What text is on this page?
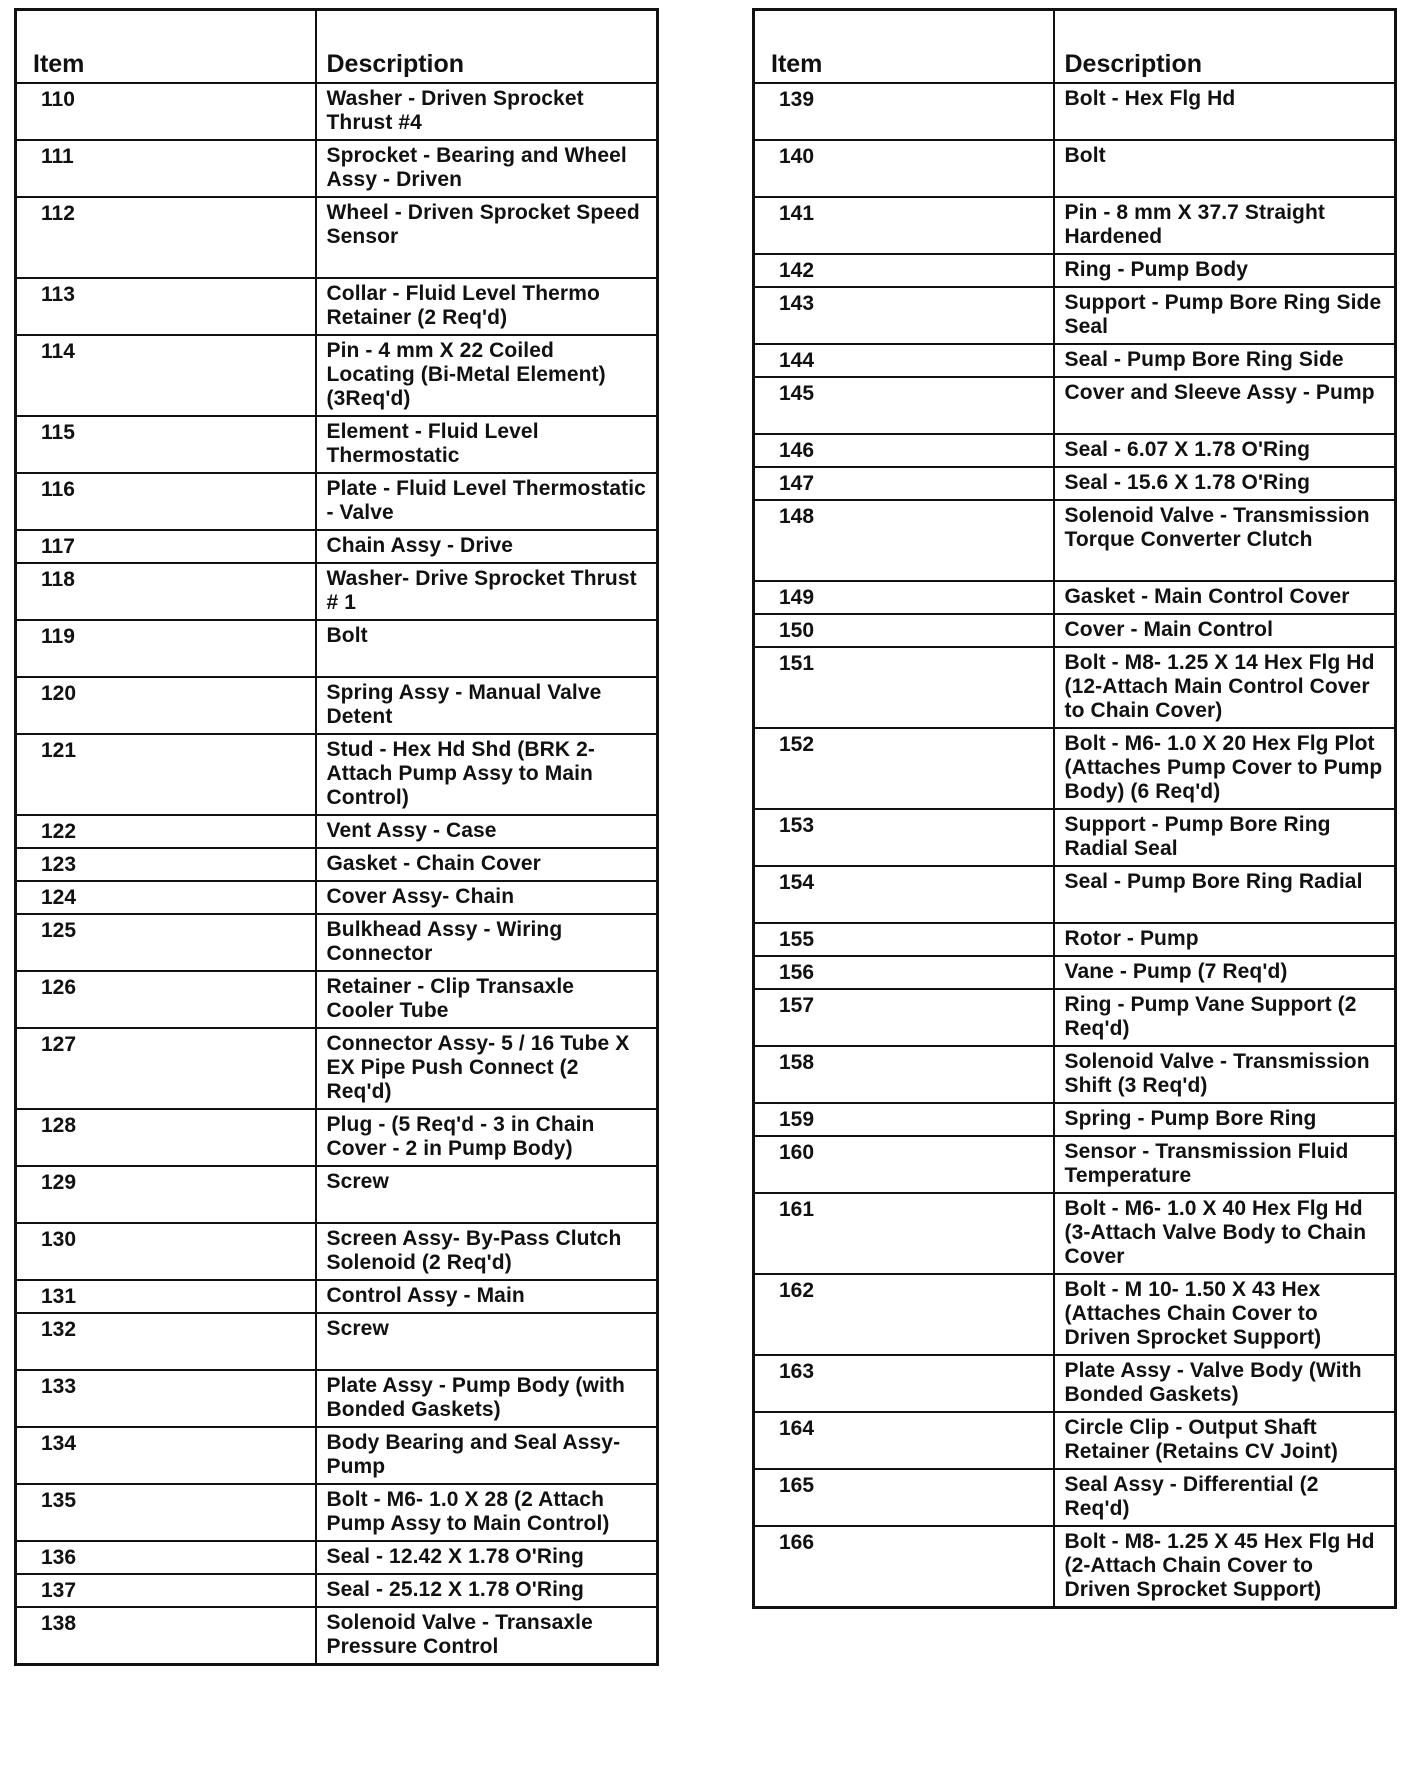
Item	Description
110	Washer - Driven Sprocket Thrust #4
111	Sprocket - Bearing and Wheel Assy - Driven
112	Wheel - Driven Sprocket Speed Sensor
113	Collar - Fluid Level Thermo Retainer (2 Req'd)
114	Pin - 4 mm X 22 Coiled Locating (Bi-Metal Element) (3Req'd)
115	Element - Fluid Level Thermostatic
116	Plate - Fluid Level Thermostatic - Valve
117	Chain Assy - Drive
118	Washer- Drive Sprocket Thrust # 1
119	Bolt
120	Spring Assy - Manual Valve Detent
121	Stud - Hex Hd Shd (BRK 2-Attach Pump Assy to Main Control)
122	Vent Assy - Case
123	Gasket - Chain Cover
124	Cover Assy- Chain
125	Bulkhead Assy - Wiring Connector
126	Retainer - Clip Transaxle Cooler Tube
127	Connector Assy- 5 / 16 Tube X EX Pipe Push Connect (2 Req'd)
128	Plug - (5 Req'd - 3 in Chain Cover - 2 in Pump Body)
129	Screw
130	Screen Assy- By-Pass Clutch Solenoid (2 Req'd)
131	Control Assy - Main
132	Screw
133	Plate Assy - Pump Body (with Bonded Gaskets)
134	Body Bearing and Seal Assy- Pump
135	Bolt - M6- 1.0 X 28 (2 Attach Pump Assy to Main Control)
136	Seal - 12.42 X 1.78 O'Ring
137	Seal - 25.12 X 1.78 O'Ring
138	Solenoid Valve - Transaxle Pressure Control
Item	Description
139	Bolt - Hex Flg Hd
140	Bolt
141	Pin - 8 mm X 37.7 Straight Hardened
142	Ring - Pump Body
143	Support - Pump Bore Ring Side Seal
144	Seal - Pump Bore Ring Side
145	Cover and Sleeve Assy - Pump
146	Seal - 6.07 X 1.78 O'Ring
147	Seal - 15.6 X 1.78 O'Ring
148	Solenoid Valve - Transmission Torque Converter Clutch
149	Gasket - Main Control Cover
150	Cover - Main Control
151	Bolt - M8- 1.25 X 14 Hex Flg Hd (12-Attach Main Control Cover to Chain Cover)
152	Bolt - M6- 1.0 X 20 Hex Flg Plot (Attaches Pump Cover to Pump Body) (6 Req'd)
153	Support - Pump Bore Ring Radial Seal
154	Seal - Pump Bore Ring Radial
155	Rotor - Pump
156	Vane - Pump (7 Req'd)
157	Ring - Pump Vane Support (2 Req'd)
158	Solenoid Valve - Transmission Shift (3 Req'd)
159	Spring - Pump Bore Ring
160	Sensor - Transmission Fluid Temperature
161	Bolt - M6- 1.0 X 40 Hex Flg Hd (3-Attach Valve Body to Chain Cover
162	Bolt - M 10- 1.50 X 43 Hex (Attaches Chain Cover to Driven Sprocket Support)
163	Plate Assy - Valve Body (With Bonded Gaskets)
164	Circle Clip - Output Shaft Retainer (Retains CV Joint)
165	Seal Assy - Differential (2 Req'd)
166	Bolt - M8- 1.25 X 45 Hex Flg Hd (2-Attach Chain Cover to Driven Sprocket Support)
